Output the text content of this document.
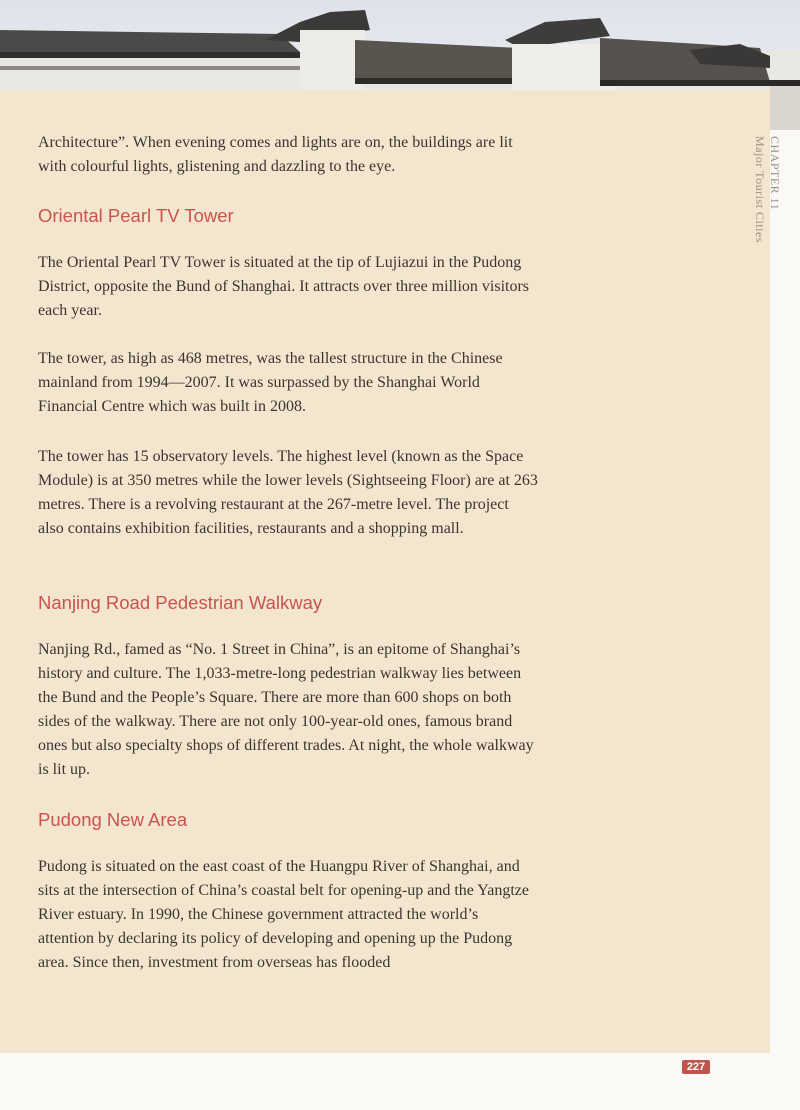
CHAPTER 11
Major Tourist Cities
Architecture”. When evening comes and lights are on, the buildings are lit with colourful lights, glistening and dazzling to the eye.
Oriental Pearl TV Tower
The Oriental Pearl TV Tower is situated at the tip of Lujiazui in the Pudong District, opposite the Bund of Shanghai. It attracts over three million visitors each year.
The tower, as high as 468 metres, was the tallest structure in the Chinese mainland from 1994—2007. It was surpassed by the Shanghai World Financial Centre which was built in 2008.
The tower has 15 observatory levels. The highest level (known as the Space Module) is at 350 metres while the lower levels (Sightseeing Floor) are at 263 metres. There is a revolving restaurant at the 267-metre level. The project also contains exhibition facilities, restaurants and a shopping mall.
Nanjing Road Pedestrian Walkway
Nanjing Rd., famed as “No. 1 Street in China”, is an epitome of Shanghai’s history and culture. The 1,033-metre-long pedestrian walkway lies between the Bund and the People’s Square. There are more than 600 shops on both sides of the walkway. There are not only 100-year-old ones, famous brand ones but also specialty shops of different trades. At night, the whole walkway is lit up.
Pudong New Area
Pudong is situated on the east coast of the Huangpu River of Shanghai, and sits at the intersection of China’s coastal belt for opening-up and the Yangtze River estuary. In 1990, the Chinese government attracted the world’s attention by declaring its policy of developing and opening up the Pudong area. Since then, investment from overseas has flooded
227
